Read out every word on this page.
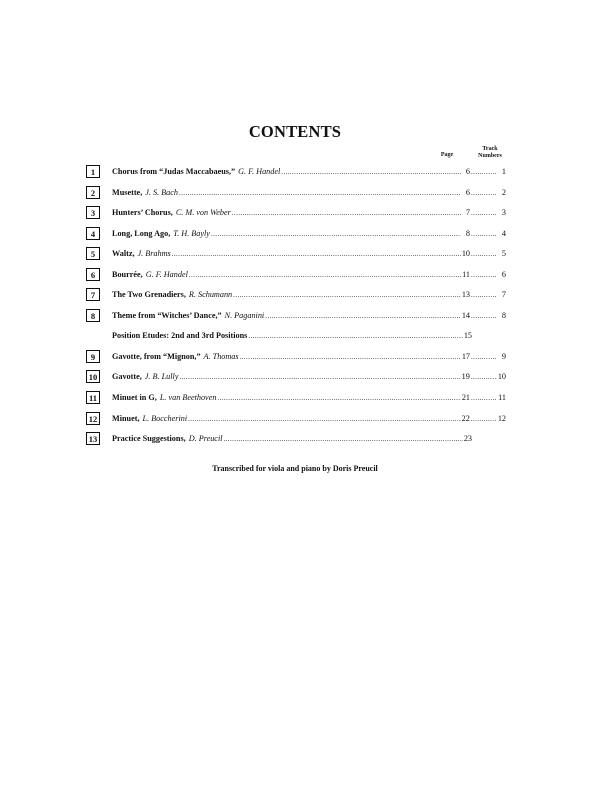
CONTENTS
Page
Track
Numbers
1	Chorus from “Judas Maccabaeus,” G. F. Handel .....	6 .....	1
2	Musette, J. S. Bach .....	6 .....	2
3	Hunters’ Chorus, C. M. von Weber .....	7 .....	3
4	Long, Long Ago, T. H. Bayly .....	8 .....	4
5	Waltz, J. Brahms .....	10 .....	5
6	Bourrée, G. F. Handel .....	11 .....	6
7	The Two Grenadiers, R. Schumann .....	13 .....	7
8	Theme from “Witches’ Dance,” N. Paganini .....	14 .....	8
Position Etudes: 2nd and 3rd Positions .....	15
9	Gavotte, from “Mignon,” A. Thomas .....	17 .....	9
10	Gavotte, J. B. Lully .....	19 .....	10
11	Minuet in G, L. van Beethoven .....	21 .....	11
12	Minuet, L. Boccherini .....	22 .....	12
13	Practice Suggestions, D. Preucil .....	23
Transcribed for viola and piano by Doris Preucil
